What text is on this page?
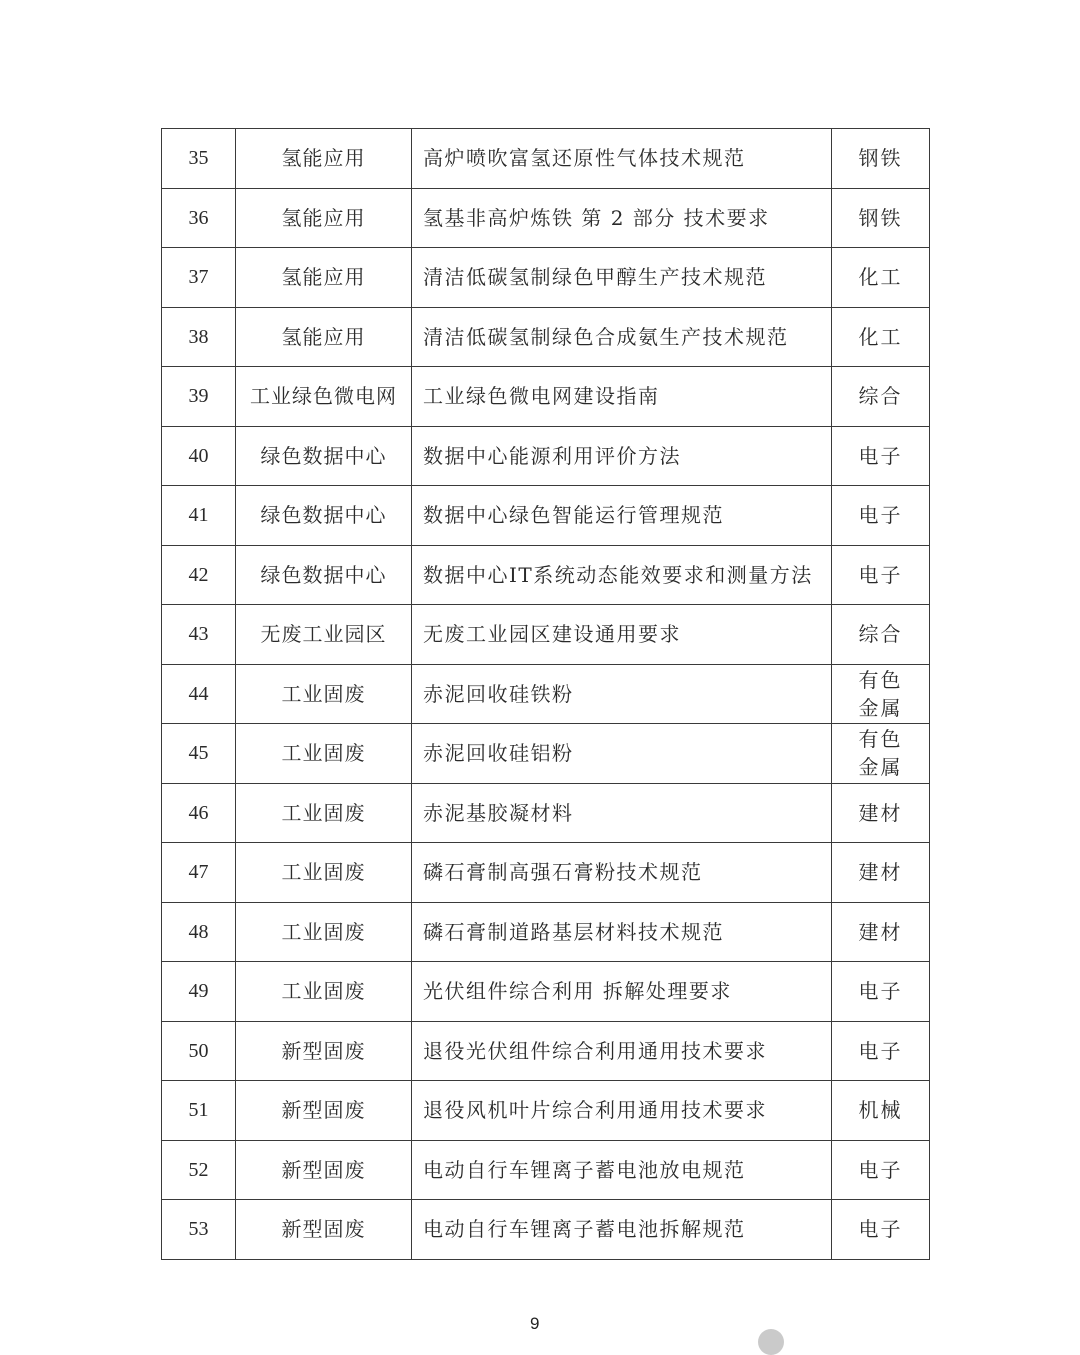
35	氢能应用	高炉喷吹富氢还原性气体技术规范	钢铁
36	氢能应用	氢基非高炉炼铁 第 2 部分 技术要求	钢铁
37	氢能应用	清洁低碳氢制绿色甲醇生产技术规范	化工
38	氢能应用	清洁低碳氢制绿色合成氨生产技术规范	化工
39	工业绿色微电网	工业绿色微电网建设指南	综合
40	绿色数据中心	数据中心能源利用评价方法	电子
41	绿色数据中心	数据中心绿色智能运行管理规范	电子
42	绿色数据中心	数据中心IT系统动态能效要求和测量方法	电子
43	无废工业园区	无废工业园区建设通用要求	综合
44	工业固废	赤泥回收硅铁粉	有色金属
45	工业固废	赤泥回收硅铝粉	有色金属
46	工业固废	赤泥基胶凝材料	建材
47	工业固废	磷石膏制高强石膏粉技术规范	建材
48	工业固废	磷石膏制道路基层材料技术规范	建材
49	工业固废	光伏组件综合利用 拆解处理要求	电子
50	新型固废	退役光伏组件综合利用通用技术要求	电子
51	新型固废	退役风机叶片综合利用通用技术要求	机械
52	新型固废	电动自行车锂离子蓄电池放电规范	电子
53	新型固废	电动自行车锂离子蓄电池拆解规范	电子
9
